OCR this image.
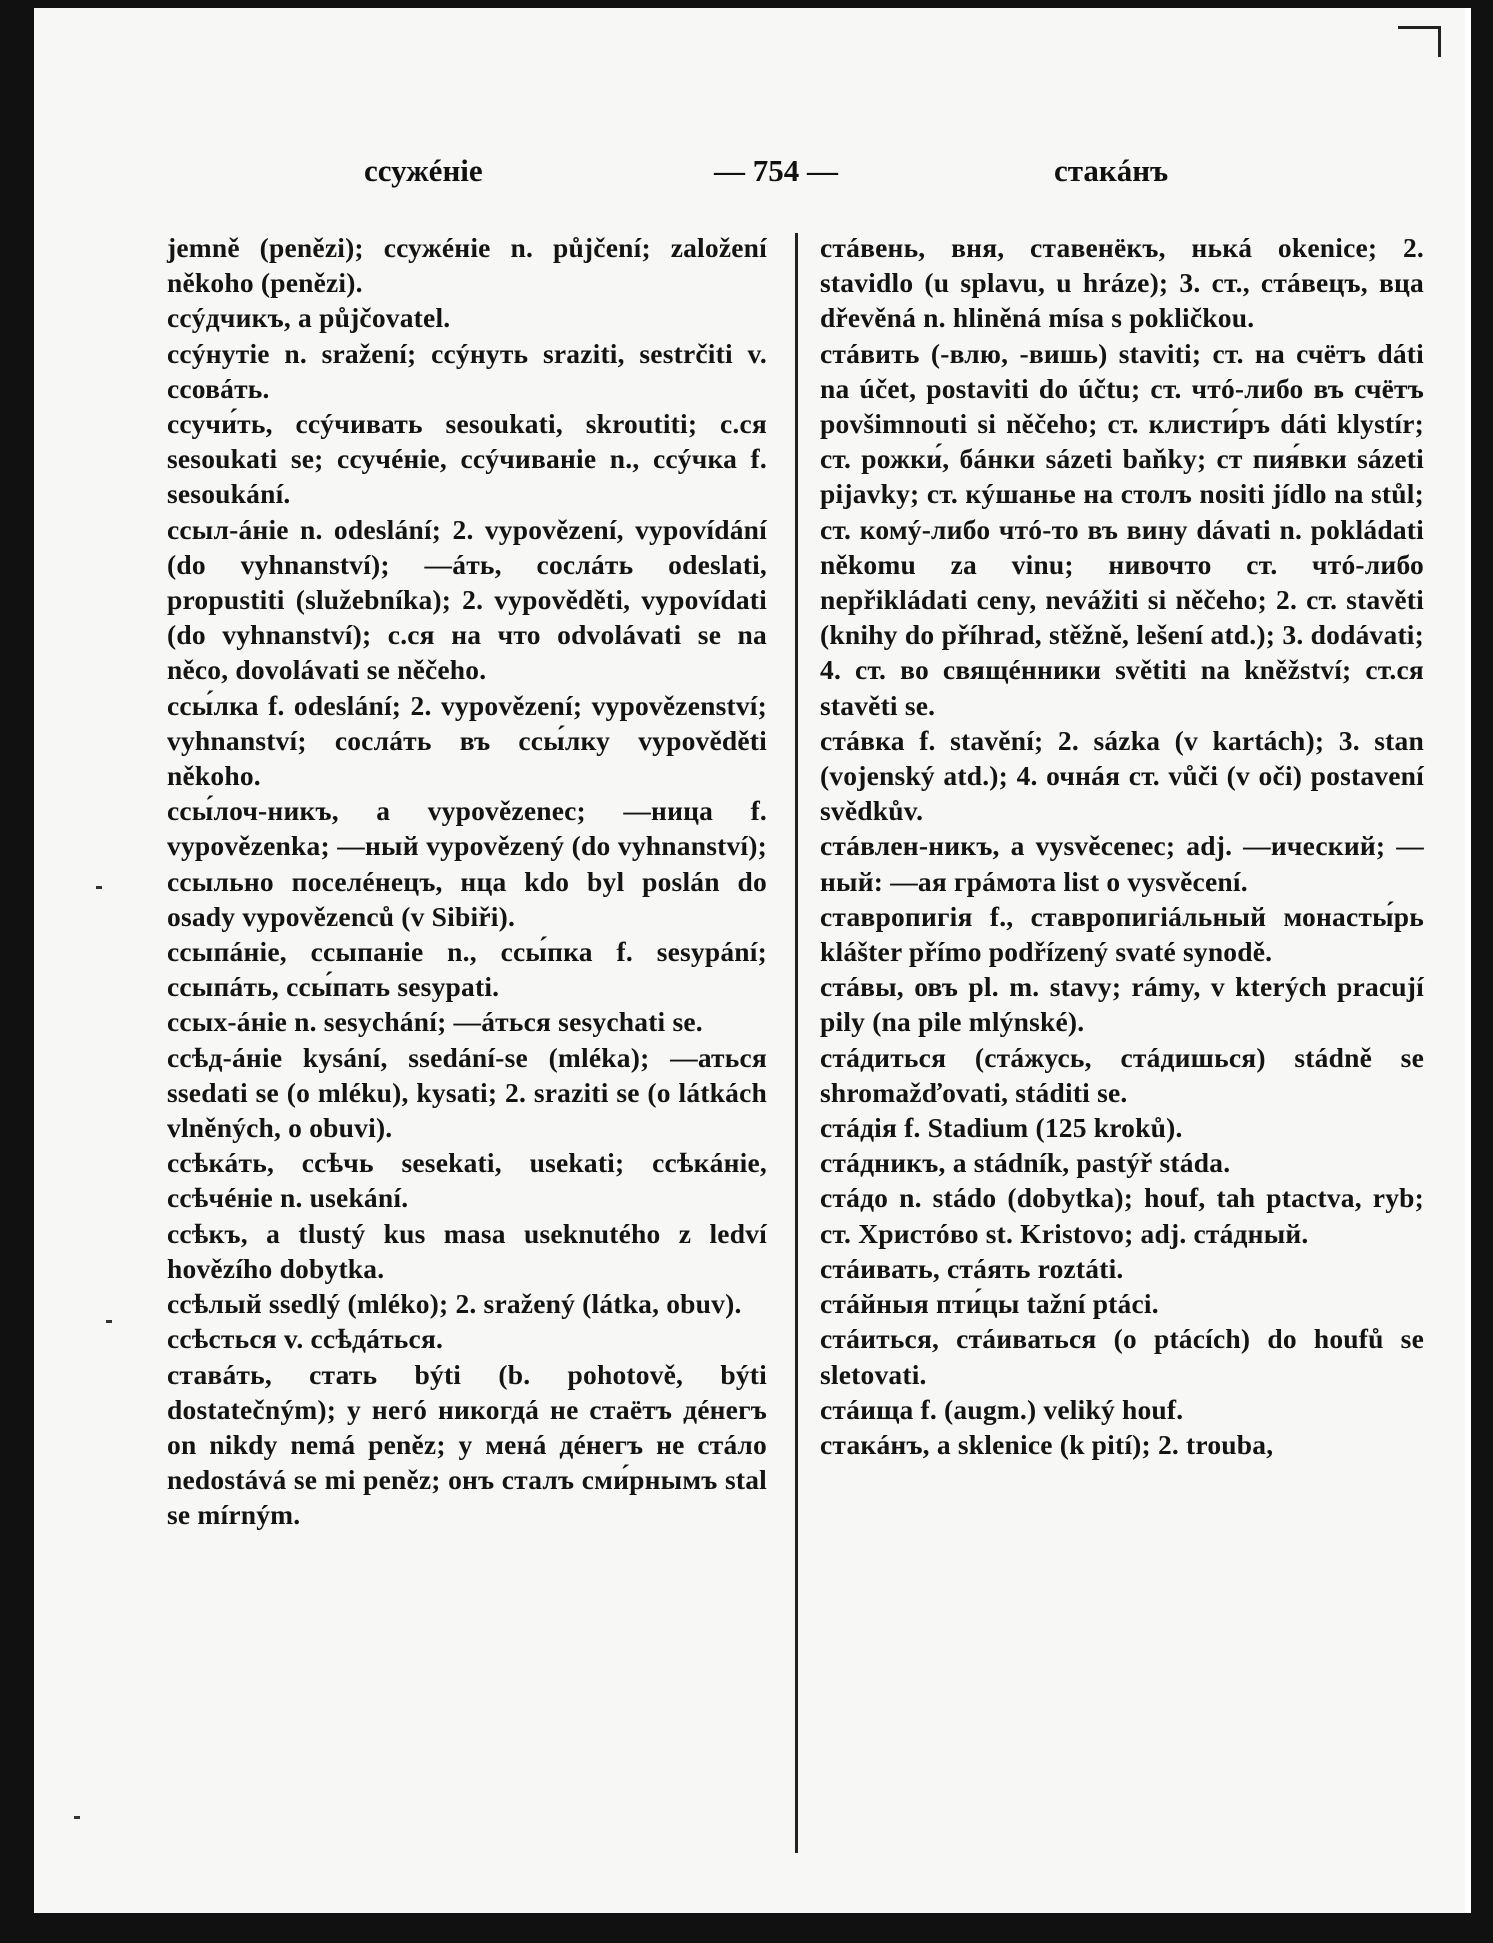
ссужéніе	— 754 —	стакáнъ

jemně (penězi); ссужéніе n. půjčení; založení někoho (penězi).

ссýдчикъ, a půjčovatel.

ссýнутіе n. sražení; ссýнуть sraziti, sestrčiti v. ссовáть.

ссучи́ть, ссýчивать sesoukati, skroutiti; с.ся sesoukati se; ссучéніе, ссýчиваніе n., ссýчка f. sesoukání.

ссыл-áніе n. odeslání; 2. vypovězení, vypovídání (do vyhnanství); —áть, сослáть odeslati, propustiti (služebníka); 2. vypověděti, vypovídati (do vyhnanství); с.ся на что odvolávati se na něco, dovolávati se něčeho.

ссы́лка f. odeslání; 2. vypovězení; vypovězenství; vyhnanství; сослáть въ ссы́лку vypověděti někoho.

ссы́лоч-никъ, a vypovězenec; —ница f. vypovězenka; —ный vypovězený (do vyhnanství); ссыльно поселéнецъ, нца kdo byl poslán do osady vypovězenců (v Sibiři).

ссыпáніе, ссыпаніе n., ссы́пка f. sesypání; ссыпáть, ссы́пать sesypati.

ссых-áніе n. sesychání; —áться sesychati se.

ссѣд-áніе kysání, ssedání-se (mléka); —аться ssedati se (o mléku), kysati; 2. sraziti se (o látkách vlněných, o obuvi).

ссѣкáть, ссѣчь sesekati, usekati; ссѣкáніе, ссѣчéніе n. usekání.

ссѣкъ, a tlustý kus masa useknutého z ledví hovězího dobytka.

ссѣлый ssedlý (mléko); 2. sražený (látka, obuv).

ссѣсться v. ссѣдáться.

ставáть, стать býti (b. pohotově, býti dostatečným); у негó никогдá не стаётъ дéнегъ on nikdy nemá peněz; у менá дéнегъ не стáло nedostává se mi peněz; онъ сталъ сми́рнымъ stal se mírným.

стáвень, вня, ставенёкъ, нькá okenice; 2. stavidlo (u splavu, u hráze); 3. ст., стáвецъ, вца dřevěná n. hliněná mísa s pokličkou.

стáвить (-влю, -вишь) staviti; ст. на счётъ dáti na účet, postaviti do účtu; ст. чтó-либо въ счётъ povšimnouti si něčeho; ст. клисти́ръ dáti klystír; ст. рожки́, бáнки sázeti baňky; ст пия́вки sázeti pijavky; ст. кýшанье на столъ nositi jídlo na stůl; ст. комý-либо чтó-то въ вину dávati n. pokládati někomu za vinu; нивочто ст. чтó-либо nepřikládati ceny, nevážiti si něčeho; 2. ст. stavěti (knihy do příhrad, stěžně, lešení atd.); 3. dodávati; 4. ст. во свящéнники světiti na kněžství; ст.ся stavěti se.

стáвка f. stavění; 2. sázka (v kartách); 3. stan (vojenský atd.); 4. очнáя ст. vůči (v oči) postavení svědkův.

стáвлен-никъ, a vysvěcenec; adj. —ический; —ный: —ая грáмота list o vysvěcení.

ставропигія f., ставропигіáльный монасты́рь klášter přímo podřízený svaté synodě.

стáвы, овъ pl. m. stavy; rámy, v kterých pracují pily (na pile mlýnské).

стáдиться (стáжусь, стáдишься) stádně se shromažďovati, stáditi se.

стáдія f. Stadium (125 kroků).

стáдникъ, a stádník, pastýř stáda.

стáдо n. stádo (dobytka); houf, tah ptactva, ryb; ст. Христóво st. Kristovo; adj. стáдный.

стáивать, стáять roztáti.

стáйныя пти́цы tažní ptáci.

стáиться, стáиваться (o ptácích) do houfů se sletovati.

стáища f. (augm.) veliký houf.

стакáнъ, a sklenice (k pití); 2. trouba,
